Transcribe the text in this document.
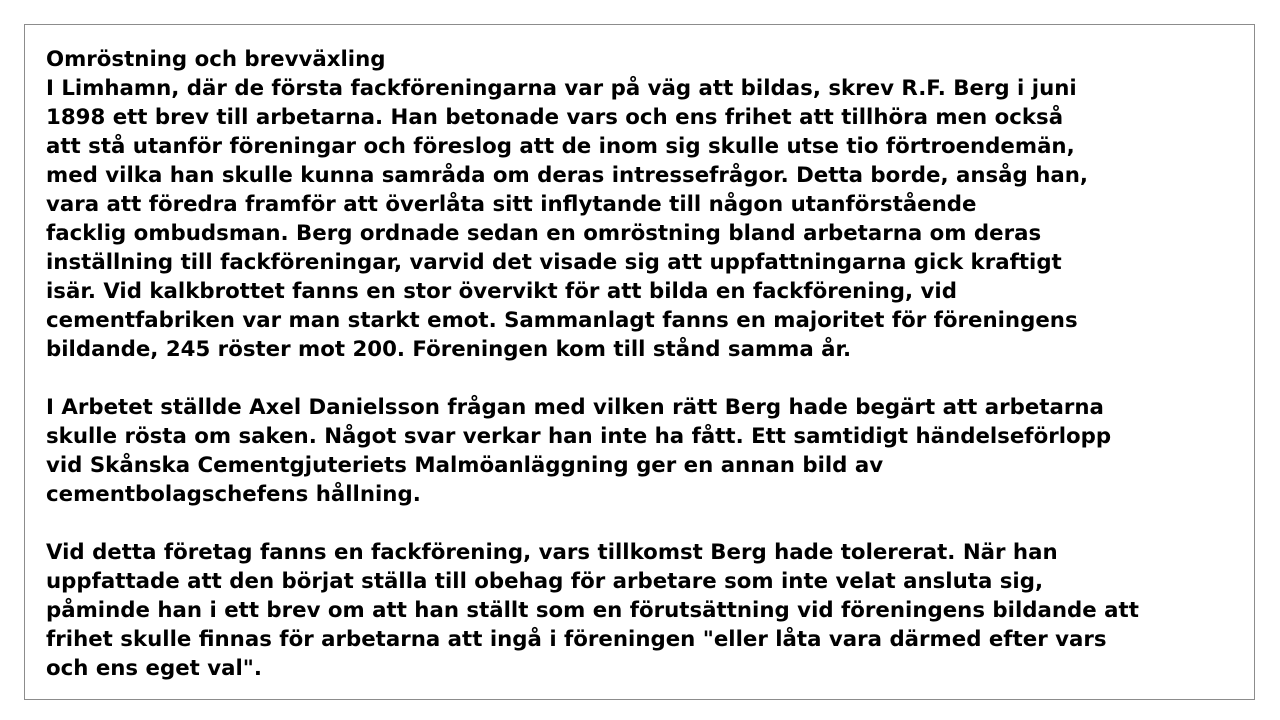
Omröstning och brevväxling
I Limhamn, där de första fackföreningarna var på väg att bildas, skrev R.F. Berg i juni
1898 ett brev till arbetarna. Han betonade vars och ens frihet att tillhöra men också
att stå utanför föreningar och föreslog att de inom sig skulle utse tio förtroendemän,
med vilka han skulle kunna samråda om deras intressefrågor. Detta borde, ansåg han,
vara att föredra framför att överlåta sitt inflytande till någon utanförstående
facklig ombudsman. Berg ordnade sedan en omröstning bland arbetarna om deras
inställning till fackföreningar, varvid det visade sig att uppfattningarna gick kraftigt
isär. Vid kalkbrottet fanns en stor övervikt för att bilda en fackförening, vid
cementfabriken var man starkt emot. Sammanlagt fanns en majoritet för föreningens
bildande, 245 röster mot 200. Föreningen kom till stånd samma år.
I Arbetet ställde Axel Danielsson frågan med vilken rätt Berg hade begärt att arbetarna
skulle rösta om saken. Något svar verkar han inte ha fått. Ett samtidigt händelseförlopp
vid Skånska Cementgjuteriets Malmöanläggning ger en annan bild av
cementbolagschefens hållning.
Vid detta företag fanns en fackförening, vars tillkomst Berg hade tolererat. När han
uppfattade att den börjat ställa till obehag för arbetare som inte velat ansluta sig,
påminde han i ett brev om att han ställt som en förutsättning vid föreningens bildande att
frihet skulle finnas för arbetarna att ingå i föreningen "eller låta vara därmed efter vars
och ens eget val".
